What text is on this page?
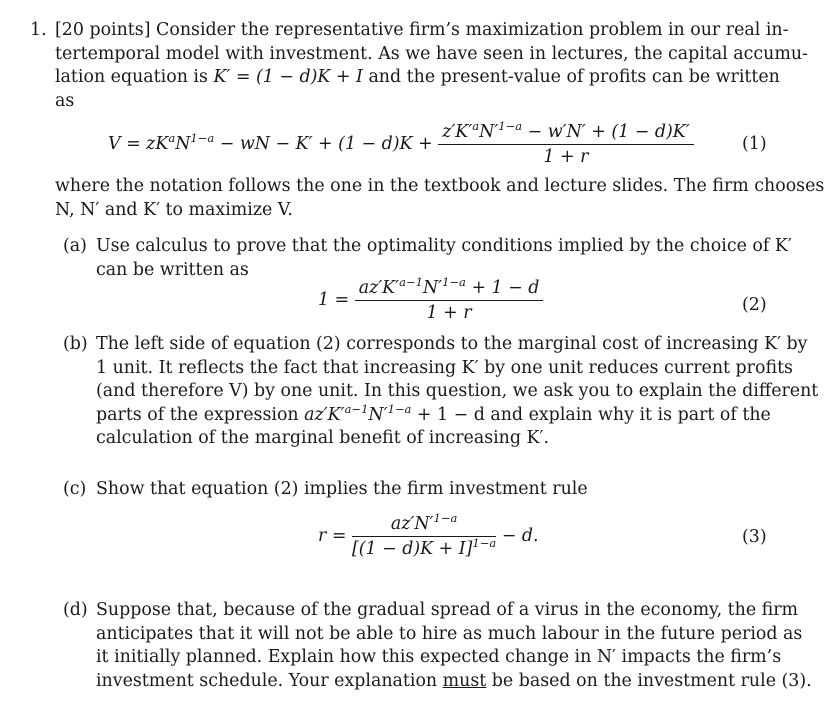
1. [20 points] Consider the representative firm’s maximization problem in our real in-
tertemporal model with investment. As we have seen in lectures, the capital accumu-
lation equation is K′ = (1 − d)K + I and the present-value of profits can be written
as
$V = zK^aN^{1-a}$ − wN − $K' + (1 - d)K + \frac{z'K'^aN'^{1-a} - w'N' + (1 - d)K'}{1 + r}$	(1)
where the notation follows the one in the textbook and lecture slides. The firm chooses
N, N′ and K′ to maximize V.
(a) Use calculus to prove that the optimality conditions implied by the choice of K′
can be written as
$1 = \frac{az'K'^{a-1}N'^{1-a} + 1 - d}{1 + r}$	(2)
(b) The left side of equation (2) corresponds to the marginal cost of increasing K′ by
1 unit. It reflects the fact that increasing K′ by one unit reduces current profits
(and therefore V) by one unit. In this question, we ask you to explain the different
parts of the expression $az'K'^{a-1}N'^{1-a} + 1 - d$ and explain why it is part of the
calculation of the marginal benefit of increasing K′.
(c) Show that equation (2) implies the firm investment rule
$r = \frac{az'N'^{1-a}}{[(1 - d)K + I]^{1-a}} - d$.	(3)
(d) Suppose that, because of the gradual spread of a virus in the economy, the firm
anticipates that it will not be able to hire as much labour in the future period as
it initially planned. Explain how this expected change in N′ impacts the firm’s
investment schedule. Your explanation must be based on the investment rule (3).
